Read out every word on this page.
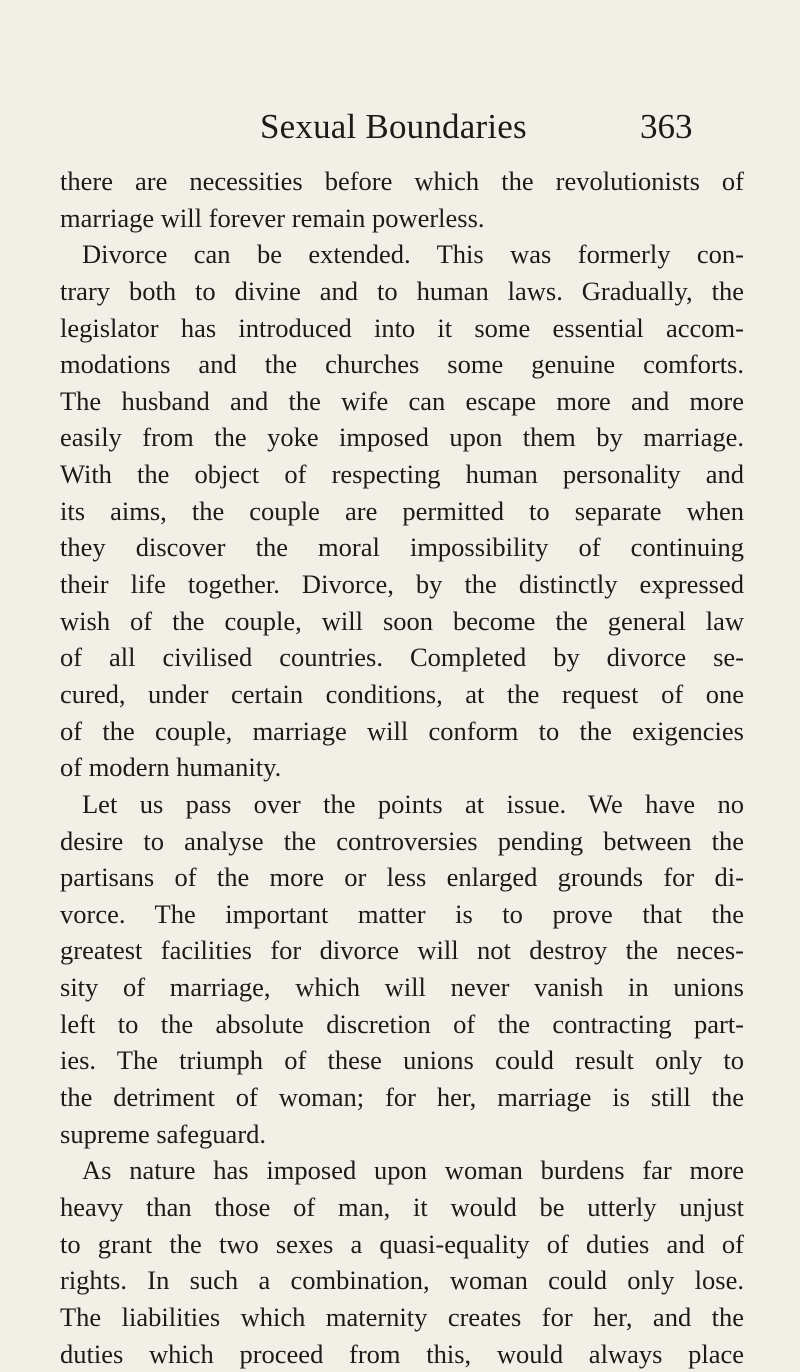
Sexual Boundaries	363
there are necessities before which the revolutionists of
marriage will forever remain powerless.
Divorce can be extended. This was formerly con-
trary both to divine and to human laws. Gradually, the
legislator has introduced into it some essential accom-
modations and the churches some genuine comforts.
The husband and the wife can escape more and more
easily from the yoke imposed upon them by marriage.
With the object of respecting human personality and
its aims, the couple are permitted to separate when
they discover the moral impossibility of continuing
their life together. Divorce, by the distinctly expressed
wish of the couple, will soon become the general law
of all civilised countries. Completed by divorce se-
cured, under certain conditions, at the request of one
of the couple, marriage will conform to the exigencies
of modern humanity.
Let us pass over the points at issue. We have no
desire to analyse the controversies pending between the
partisans of the more or less enlarged grounds for di-
vorce. The important matter is to prove that the
greatest facilities for divorce will not destroy the neces-
sity of marriage, which will never vanish in unions
left to the absolute discretion of the contracting part-
ies. The triumph of these unions could result only to
the detriment of woman; for her, marriage is still the
supreme safeguard.
As nature has imposed upon woman burdens far more
heavy than those of man, it would be utterly unjust
to grant the two sexes a quasi-equality of duties and of
rights. In such a combination, woman could only lose.
The liabilities which maternity creates for her, and the
duties which proceed from this, would always place
